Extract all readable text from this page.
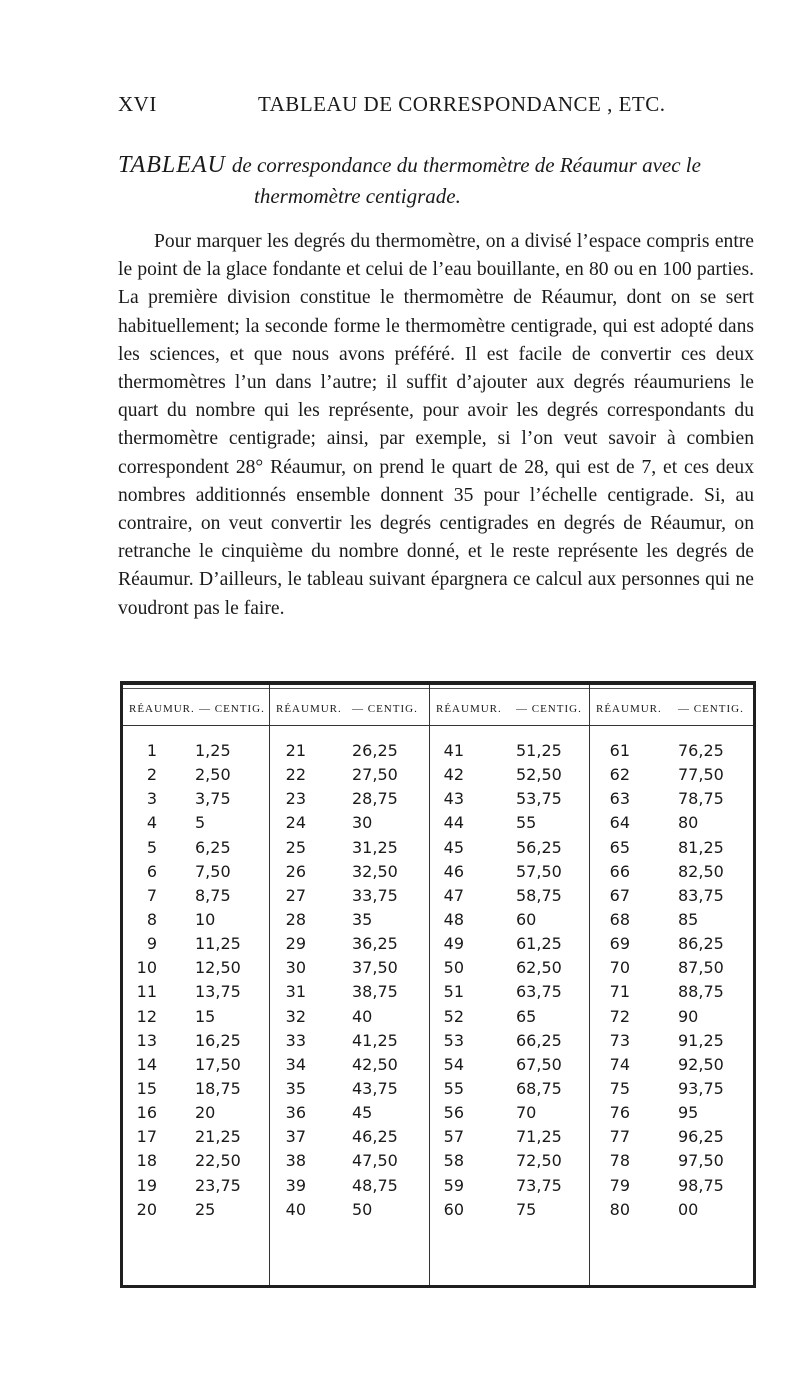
XVI	TABLEAU DE CORRESPONDANCE , ETC.
TABLEAU de correspondance du thermomètre de Réaumur avec le
thermomètre centigrade.

Pour marquer les degrés du thermomètre, on a divisé l’espace compris entre le point de la glace fondante et celui de l’eau bouillante, en 80 ou en 100 parties. La première division constitue le thermomètre de Réaumur, dont on se sert habituellement; la seconde forme le thermomètre centigrade, qui est adopté dans les sciences, et que nous avons préféré. Il est facile de convertir ces deux thermomètres l’un dans l’autre; il suffit d’ajouter aux degrés réaumuriens le quart du nombre qui les représente, pour avoir les degrés correspondants du thermomètre centigrade; ainsi, par exemple, si l’on veut savoir à combien correspondent 28° Réaumur, on prend le quart de 28, qui est de 7, et ces deux nombres additionnés ensemble donnent 35 pour l’échelle centigrade. Si, au contraire, on veut convertir les degrés centigrades en degrés de Réaumur, on retranche le cinquième du nombre donné, et le reste représente les degrés de Réaumur. D’ailleurs, le tableau suivant épargnera ce calcul aux personnes qui ne voudront pas le faire.

RÉAUMUR. — CENTIG.
1 1,25
2 2,50
3 3,75
4 5
5 6,25
6 7,50
7 8,75
8 10
9 11,25
10 12,50
11 13,75
12 15
13 16,25
14 17,50
15 18,75
16 20
17 21,25
18 22,50
19 23,75
20 25
RÉAUMUR. — CENTIG.
21	26,25
22	27,50
23	28,75
24	30
25	31,25
26	32,50
27	33,75
28	35
29	36,25
30	37,50
31	38,75
32	40
33	41,25
34	42,50
35	43,75
36	45
37	46,25
38	47,50
39	48,75
40	50
RÉAUMUR. — CENTIG.
41	51,25
42	52,50
43	53,75
44	55
45	56,25
46	57,50
47	58,75
48	60
49	61,25
50	62,50
51	63,75
52	65
53	66,25
54	67,50
55	68,75
56	70
57	71,25
58	72,50
59	73,75
60	75
RÉAUMUR. — CENTIG.
61	76,25
62	77,50
63	78,75
64	80
65	81,25
66	82,50
67	83,75
68	85
69	86,25
70	87,50
71	88,75
72	90
73	91,25
74	92,50
75	93,75
76	95
77	96,25
78	97,50
79	98,75
80	00
